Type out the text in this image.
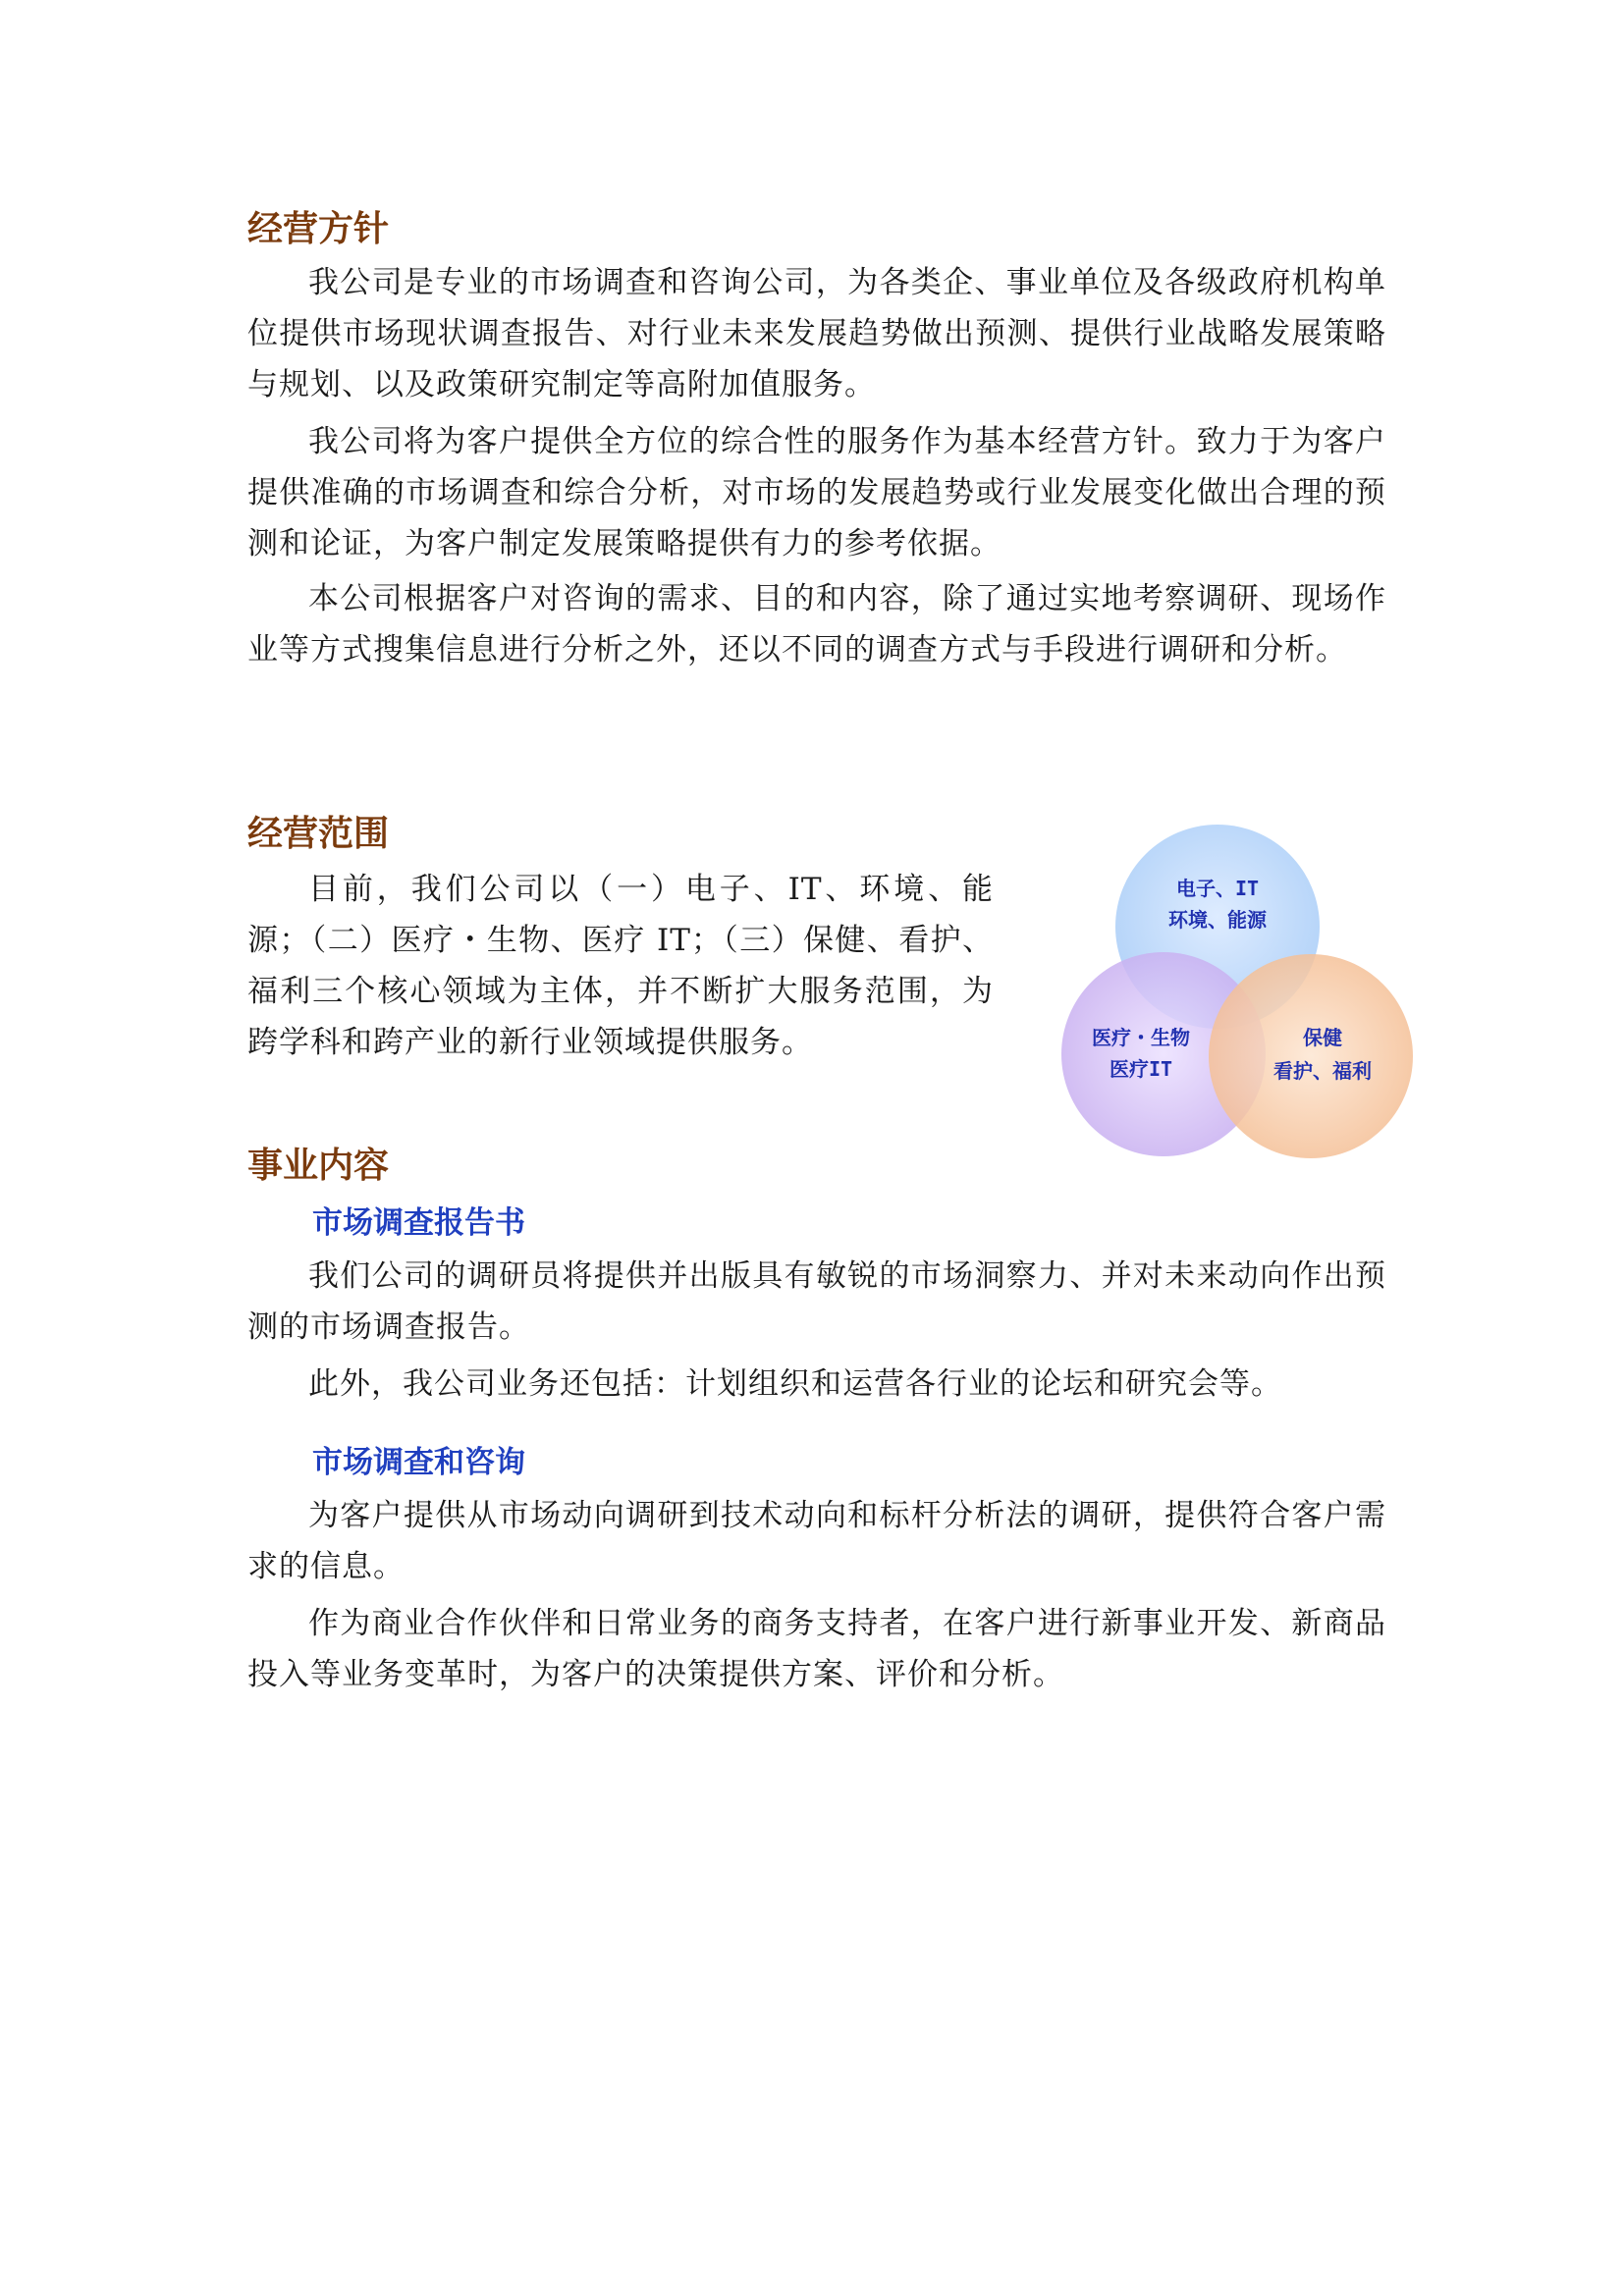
经营方针

我公司是专业的市场调查和咨询公司，为各类企、事业单位及各级政府机构单位提供市场现状调查报告、对行业未来发展趋势做出预测、提供行业战略发展策略与规划、以及政策研究制定等高附加值服务。

我公司将为客户提供全方位的综合性的服务作为基本经营方针。致力于为客户提供准确的市场调查和综合分析，对市场的发展趋势或行业发展变化做出合理的预测和论证，为客户制定发展策略提供有力的参考依据。

本公司根据客户对咨询的需求、目的和内容，除了通过实地考察调研、现场作业等方式搜集信息进行分析之外，还以不同的调查方式与手段进行调研和分析。

经营范围

目前，我们公司以（一）电子、IT、环境、能源；（二）医疗・生物、医疗 IT；（三）保健、看护、福利三个核心领域为主体，并不断扩大服务范围，为跨学科和跨产业的新行业领域提供服务。

电子、IT
环境、能源
医疗・生物
医疗IT
保健
看护、福利
事业内容
市场调查报告书

我们公司的调研员将提供并出版具有敏锐的市场洞察力、并对未来动向作出预测的市场调查报告。

此外，我公司业务还包括：计划组织和运营各行业的论坛和研究会等。

市场调查和咨询

为客户提供从市场动向调研到技术动向和标杆分析法的调研，提供符合客户需求的信息。

作为商业合作伙伴和日常业务的商务支持者，在客户进行新事业开发、新商品投入等业务变革时，为客户的决策提供方案、评价和分析。
